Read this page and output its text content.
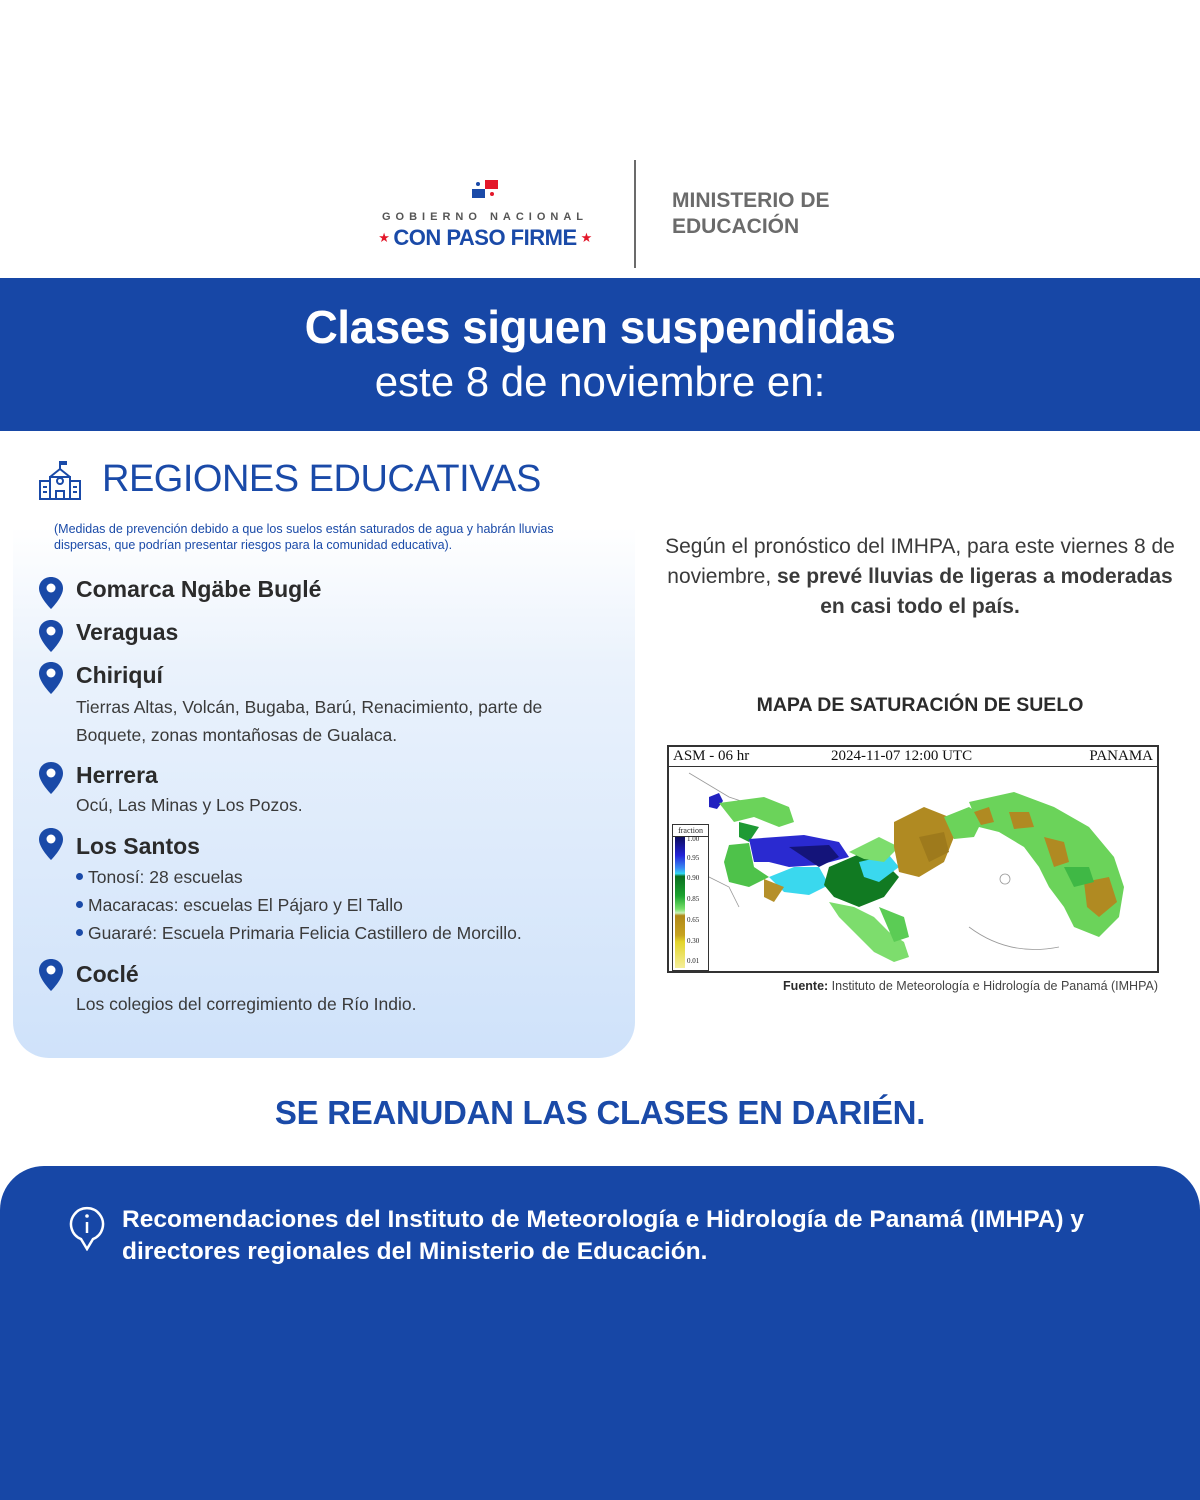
GOBIERNO NACIONAL
★ CON PASO FIRME ★
MINISTERIO DE
EDUCACIÓN
Clases siguen suspendidas
este 8 de noviembre en:
REGIONES EDUCATIVAS
(Medidas de prevención debido a que los suelos están saturados de agua y habrán lluvias dispersas, que podrían presentar riesgos para la comunidad educativa).
Comarca Ngäbe Buglé
Veraguas
Chiriquí
Tierras Altas, Volcán, Bugaba, Barú, Renacimiento, parte de Boquete, zonas montañosas de Gualaca.
Herrera
Ocú, Las Minas y Los Pozos.
Los Santos
Tonosí: 28 escuelas
Macaracas: escuelas El Pájaro y El Tallo
Guararé: Escuela Primaria Felicia Castillero de Morcillo.
Coclé
Los colegios del corregimiento de Río Indio.
Según el pronóstico del IMHPA, para este viernes 8 de noviembre, se prevé lluvias de ligeras a moderadas en casi todo el país.
MAPA DE SATURACIÓN DE SUELO
ASM - 06 hr	2024-11-07 12:00 UTC	PANAMA
fraction
1.00
0.95
0.90
0.85
0.65
0.30
0.01
Fuente: Instituto de Meteorología e Hidrología de Panamá (IMHPA)
SE REANUDAN LAS CLASES EN DARIÉN.
Recomendaciones del Instituto de Meteorología e Hidrología de Panamá (IMHPA) y directores regionales del Ministerio de Educación.
